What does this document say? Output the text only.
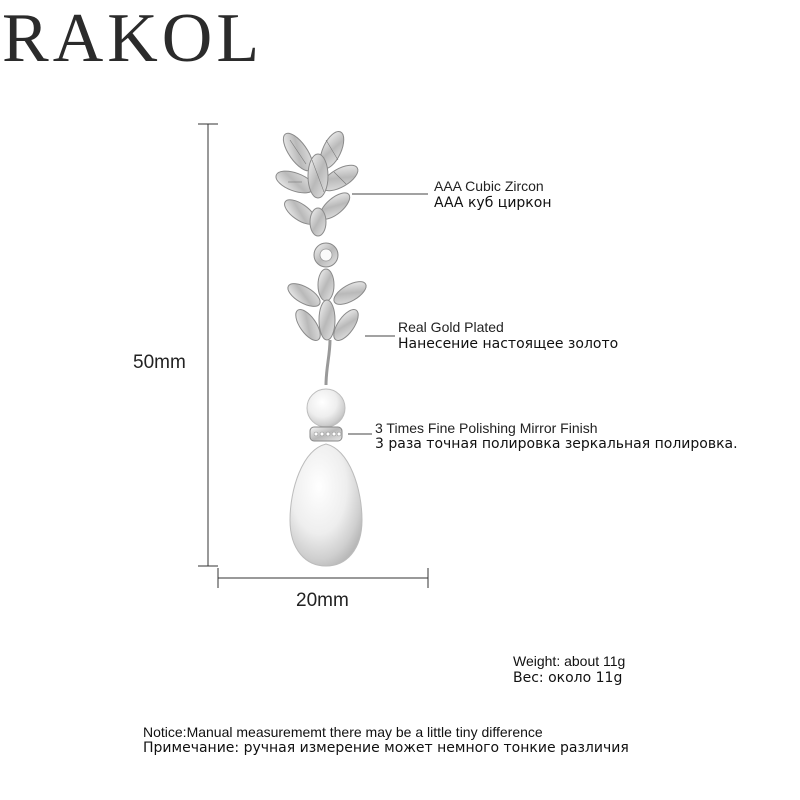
RAKOL
50mm
20mm
AAA Cubic Zircon
AAA куб циркон
Real Gold Plated
Нанесение настоящее золото
3 Times Fine Polishing Mirror Finish
3 раза точная полировка зеркальная полировка.
Weight: about 11g
Вес: около 11g
Notice:Manual measurememt there may be a little tiny difference
Примечание: ручная измерение может немного тонкие различия
